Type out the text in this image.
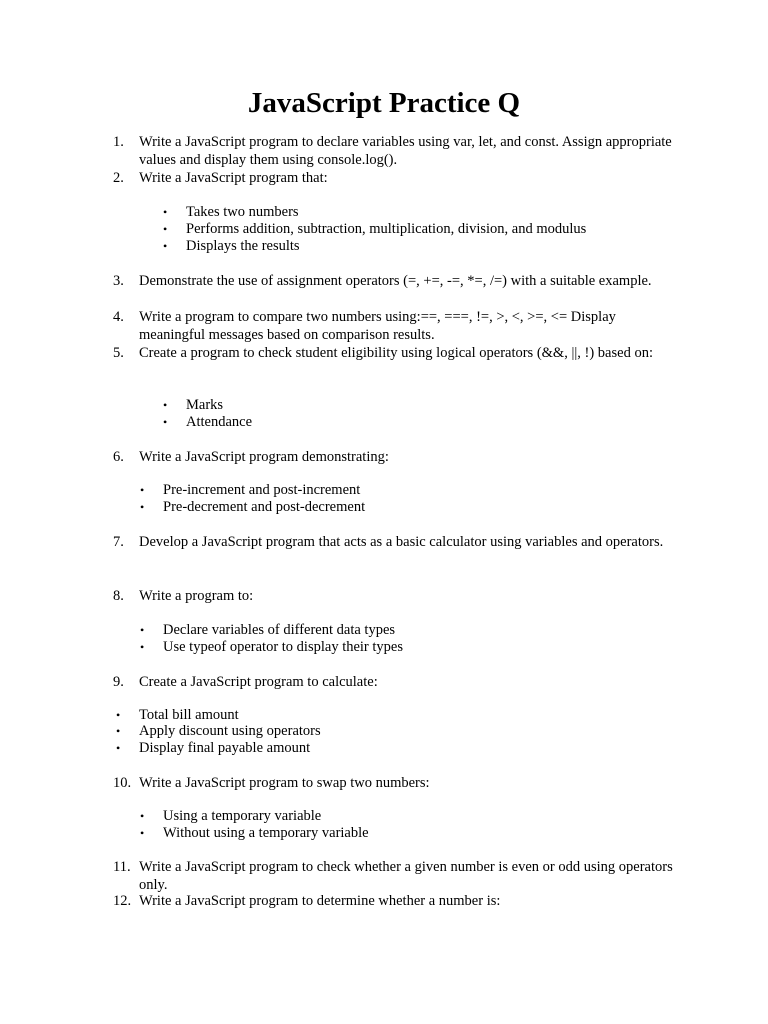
JavaScript Practice Q
1.	Write a JavaScript program to declare variables using var, let, and const. Assign appropriate values and display them using console.log().
2.	Write a JavaScript program that:
• Takes two numbers
• Performs addition, subtraction, multiplication, division, and modulus
• Displays the results
3.	Demonstrate the use of assignment operators (=, +=, -=, *=, /=) with a suitable example.
4.	Write a program to compare two numbers using:==, ===, !=, >, <, >=, <= Display meaningful messages based on comparison results.
5.	Create a program to check student eligibility using logical operators (&&, ||, !) based on:
• Marks
• Attendance
6.	Write a JavaScript program demonstrating:
• Pre-increment and post-increment
• Pre-decrement and post-decrement
7.	Develop a JavaScript program that acts as a basic calculator using variables and operators.
8.	Write a program to:
• Declare variables of different data types
• Use typeof operator to display their types
9.	Create a JavaScript program to calculate:
• Total bill amount
• Apply discount using operators
• Display final payable amount
10. Write a JavaScript program to swap two numbers:
• Using a temporary variable
• Without using a temporary variable
11. Write a JavaScript program to check whether a given number is even or odd using operators only.
12. Write a JavaScript program to determine whether a number is:
